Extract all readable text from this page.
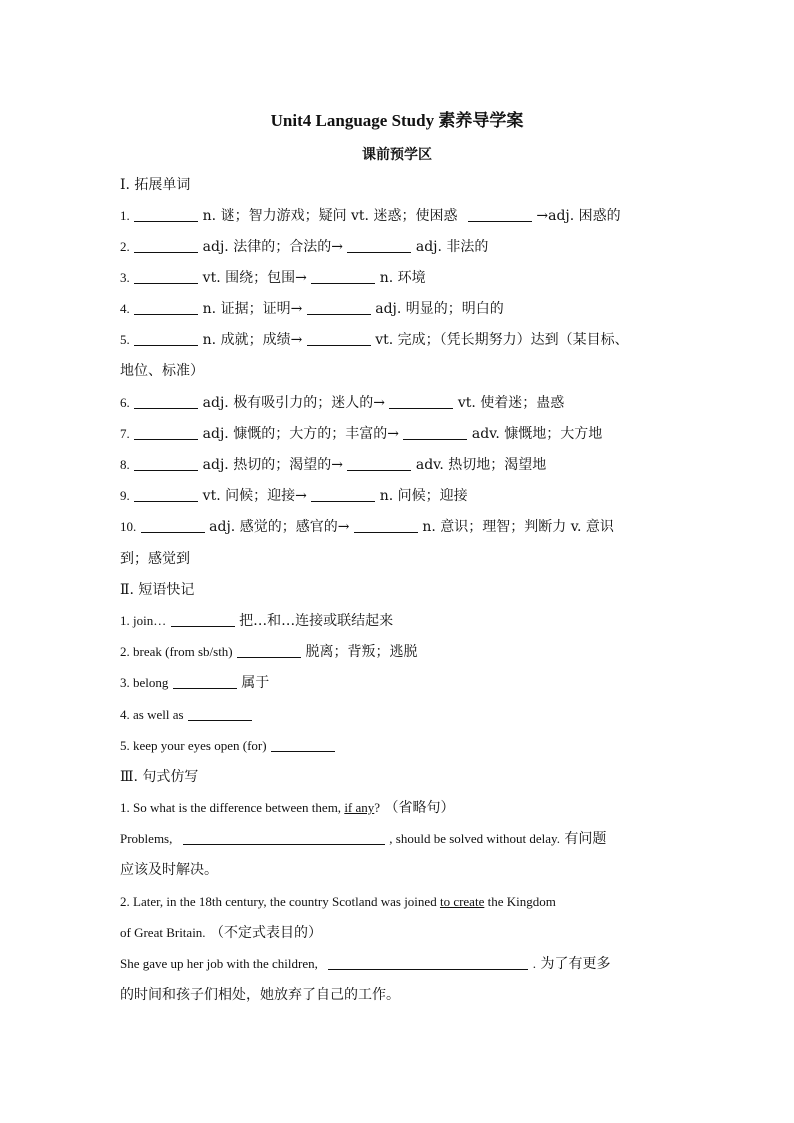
Unit4 Language Study 素养导学案
课前预学区
Ⅰ. 拓展单词
1.	n. 谜；智力游戏；疑问 vt. 迷惑；使困惑	→adj. 困惑的
2.	adj. 法律的；合法的→	adj. 非法的
3.	vt. 围绕；包围→	n. 环境
4.	n. 证据；证明→	adj. 明显的；明白的
5.	n. 成就；成绩→	vt. 完成；（凭长期努力）达到（某目标、
地位、标准）
6.	adj. 极有吸引力的；迷人的→	vt. 使着迷；蛊惑
7.	adj. 慷慨的；大方的；丰富的→	adv. 慷慨地；大方地
8.	adj. 热切的；渴望的→	adv. 热切地；渴望地
9.	vt. 问候；迎接→	n. 问候；迎接
10.	adj. 感觉的；感官的→	n. 意识；理智；判断力 v. 意识
到；感觉到
Ⅱ. 短语快记
1. join…	把…和…连接或联结起来
2. break (from sb/sth)	脱离；背叛；逃脱
3. belong	属于
4. as well as
5. keep your eyes open (for)
Ⅲ. 句式仿写
1. So what is the difference between them, if any? （省略句）
Problems,	, should be solved without delay. 有问题
应该及时解决。
2. Later, in the 18th century, the country Scotland was joined to create the Kingdom
of Great Britain. （不定式表目的）
She gave up her job with the children,	. 为了有更多
的时间和孩子们相处，她放弃了自己的工作。
